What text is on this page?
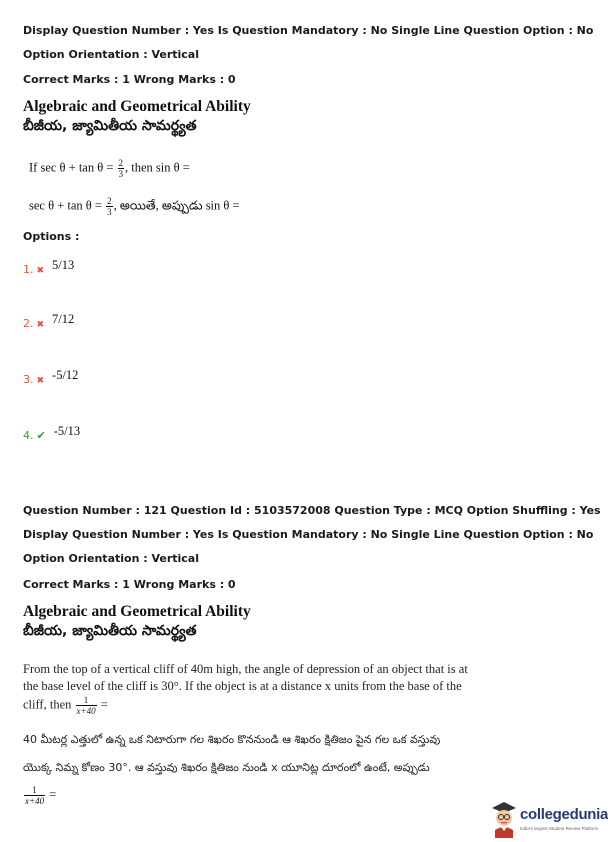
Display Question Number : Yes Is Question Mandatory : No Single Line Question Option : No
Option Orientation : Vertical
Correct Marks : 1 Wrong Marks : 0
Algebraic and Geometrical Ability
బీజీయ, జ్యామితీయ సామర్థ్యత
If $\sec \theta + \tan \theta = \frac{2}{3}$ , then sin θ =
$\sec \theta + \tan \theta = \frac{2}{3}$ , అయితే, అప్పుడు sin θ =
Options :
1. ✖ $^{5/13}$
2. ✖ $^{7/12}$
3. ✖ $^{-5/12}$
4. ✔ $^{-5/13}$
Question Number : 121 Question Id : 5103572008 Question Type : MCQ Option Shuffling : Yes
Display Question Number : Yes Is Question Mandatory : No Single Line Question Option : No
Option Orientation : Vertical
Correct Marks : 1 Wrong Marks : 0
Algebraic and Geometrical Ability
బీజీయ, జ్యామితీయ సామర్థ్యత
From the top of a vertical cliff of 40m high, the angle of depression of an object that is at
the base level of the cliff is 30°. If the object is at a distance x units from the base of the
cliff, then $\frac{1}{x+40}$ =
40 మీటర్ల ఎత్తులో ఉన్న ఒక నిటారుగా గల శిఖరం కొననుండి ఆ శిఖరం క్షితిజం పైన గల ఒక వస్తువు
యొక్క నిమ్న కోణం 30°. ఆ వస్తువు శిఖరం క్షితిజం నుండి x యూనిట్ల దూరంలో ఉంటే, అప్పుడు
$\frac{1}{x+40}$ =
collegedunia
India's largest Student Review Platform
